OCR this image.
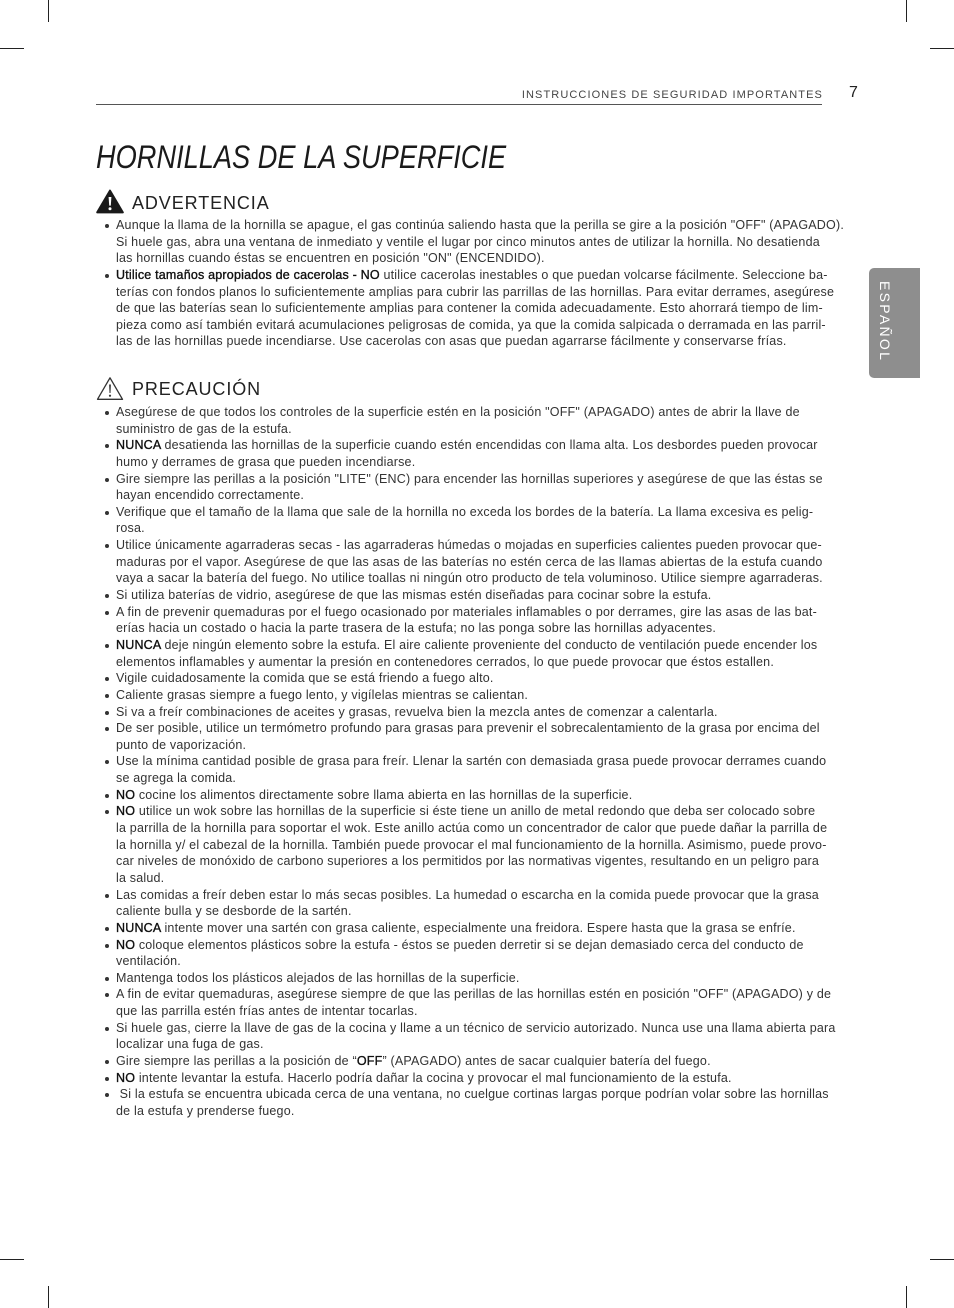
INSTRUCCIONES DE SEGURIDAD IMPORTANTES 7
HORNILLAS DE LA SUPERFICIE
ESPAÑOL
ADVERTENCIA
Aunque la llama de la hornilla se apague, el gas continúa saliendo hasta que la perilla se gire a la posición "OFF" (APAGADO).
Si huele gas, abra una ventana de inmediato y ventile el lugar por cinco minutos antes de utilizar la hornilla. No desatienda
las hornillas cuando éstas se encuentren en posición "ON" (ENCENDIDO).
Utilice tamaños apropiados de cacerolas - NO utilice cacerolas inestables o que puedan volcarse fácilmente. Seleccione ba-
terías con fondos planos lo suficientemente amplias para cubrir las parrillas de las hornillas. Para evitar derrames, asegúrese
de que las baterías sean lo suficientemente amplias para contener la comida adecuadamente. Esto ahorrará tiempo de lim-
pieza como así también evitará acumulaciones peligrosas de comida, ya que la comida salpicada o derramada en las parril-
las de las hornillas puede incendiarse. Use cacerolas con asas que puedan agarrarse fácilmente y conservarse frías.
PRECAUCIÓN
Asegúrese de que todos los controles de la superficie estén en la posición "OFF" (APAGADO) antes de abrir la llave de
suministro de gas de la estufa.
NUNCA desatienda las hornillas de la superficie cuando estén encendidas con llama alta. Los desbordes pueden provocar
humo y derrames de grasa que pueden incendiarse.
Gire siempre las perillas a la posición "LITE" (ENC) para encender las hornillas superiores y asegúrese de que las éstas se
hayan encendido correctamente.
Verifique que el tamaño de la llama que sale de la hornilla no exceda los bordes de la batería. La llama excesiva es pelig-
rosa.
Utilice únicamente agarraderas secas - las agarraderas húmedas o mojadas en superficies calientes pueden provocar que-
maduras por el vapor. Asegúrese de que las asas de las baterías no estén cerca de las llamas abiertas de la estufa cuando
vaya a sacar la batería del fuego. No utilice toallas ni ningún otro producto de tela voluminoso. Utilice siempre agarraderas.
Si utiliza baterías de vidrio, asegúrese de que las mismas estén diseñadas para cocinar sobre la estufa.
A fin de prevenir quemaduras por el fuego ocasionado por materiales inflamables o por derrames, gire las asas de las bat-
erías hacia un costado o hacia la parte trasera de la estufa; no las ponga sobre las hornillas adyacentes.
NUNCA deje ningún elemento sobre la estufa. El aire caliente proveniente del conducto de ventilación puede encender los
elementos inflamables y aumentar la presión en contenedores cerrados, lo que puede provocar que éstos estallen.
Vigile cuidadosamente la comida que se está friendo a fuego alto.
Caliente grasas siempre a fuego lento, y vigílelas mientras se calientan.
Si va a freír combinaciones de aceites y grasas, revuelva bien la mezcla antes de comenzar a calentarla.
De ser posible, utilice un termómetro profundo para grasas para prevenir el sobrecalentamiento de la grasa por encima del
punto de vaporización.
Use la mínima cantidad posible de grasa para freír. Llenar la sartén con demasiada grasa puede provocar derrames cuando
se agrega la comida.
NO cocine los alimentos directamente sobre llama abierta en las hornillas de la superficie.
NO utilice un wok sobre las hornillas de la superficie si éste tiene un anillo de metal redondo que deba ser colocado sobre
la parrilla de la hornilla para soportar el wok. Este anillo actúa como un concentrador de calor que puede dañar la parrilla de
la hornilla y/ el cabezal de la hornilla. También puede provocar el mal funcionamiento de la hornilla. Asimismo, puede provo-
car niveles de monóxido de carbono superiores a los permitidos por las normativas vigentes, resultando en un peligro para
la salud.
Las comidas a freír deben estar lo más secas posibles. La humedad o escarcha en la comida puede provocar que la grasa
caliente bulla y se desborde de la sartén.
NUNCA intente mover una sartén con grasa caliente, especialmente una freidora. Espere hasta que la grasa se enfríe.
NO coloque elementos plásticos sobre la estufa - éstos se pueden derretir si se dejan demasiado cerca del conducto de
ventilación.
Mantenga todos los plásticos alejados de las hornillas de la superficie.
A fin de evitar quemaduras, asegúrese siempre de que las perillas de las hornillas estén en posición "OFF" (APAGADO) y de
que las parrilla estén frías antes de intentar tocarlas.
Si huele gas, cierre la llave de gas de la cocina y llame a un técnico de servicio autorizado. Nunca use una llama abierta para
localizar una fuga de gas.
Gire siempre las perillas a la posición de “OFF” (APAGADO) antes de sacar cualquier batería del fuego.
NO intente levantar la estufa. Hacerlo podría dañar la cocina y provocar el mal funcionamiento de la estufa.
Si la estufa se encuentra ubicada cerca de una ventana, no cuelgue cortinas largas porque podrían volar sobre las hornillas
de la estufa y prenderse fuego.
